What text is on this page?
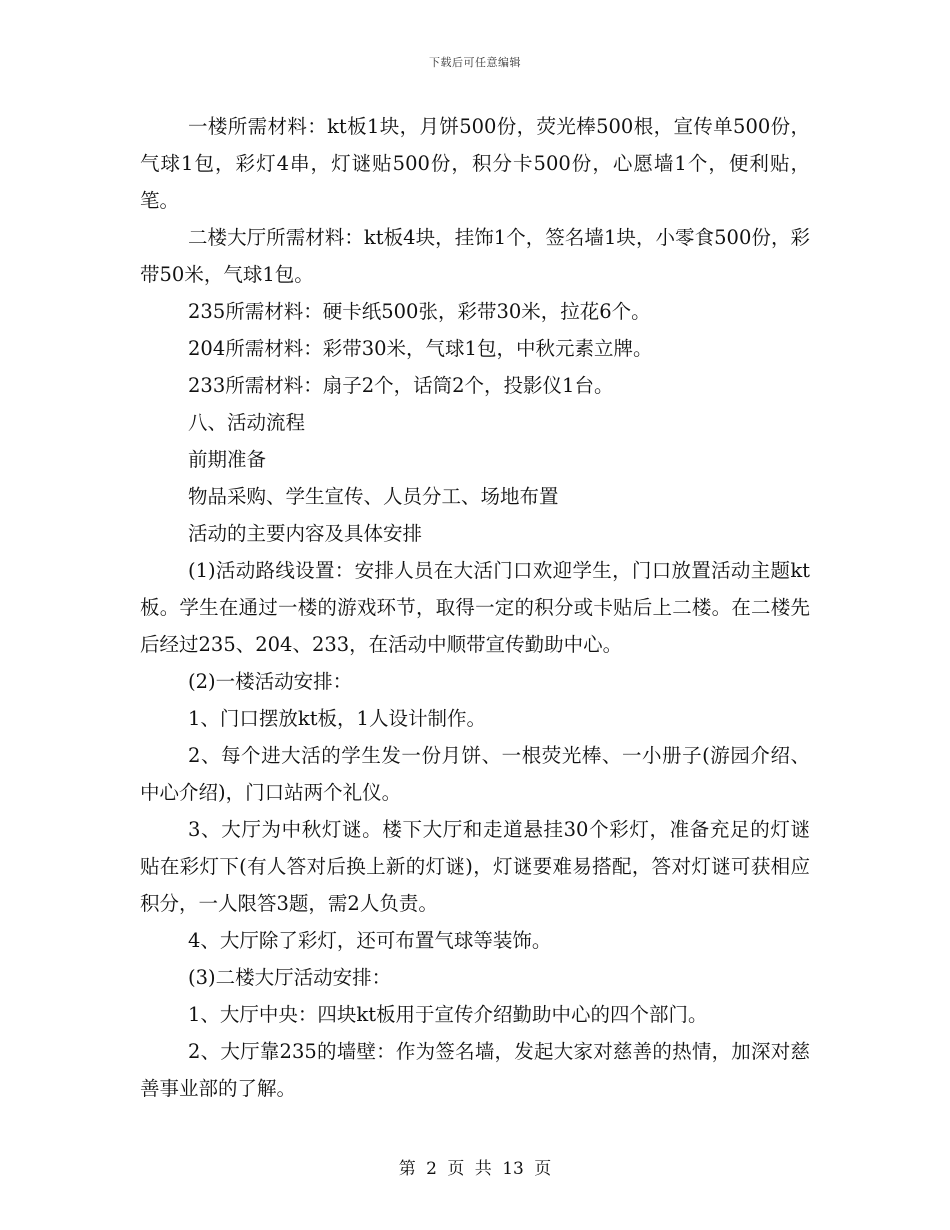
下载后可任意编辑

一楼所需材料：kt板1块，月饼500份，荧光棒500根，宣传单500份，气球1包，彩灯4串，灯谜贴500份，积分卡500份，心愿墙1个，便利贴，笔。

二楼大厅所需材料：kt板4块，挂饰1个，签名墙1块，小零食500份，彩带50米，气球1包。

235所需材料：硬卡纸500张，彩带30米，拉花6个。

204所需材料：彩带30米，气球1包，中秋元素立牌。

233所需材料：扇子2个，话筒2个，投影仪1台。

八、活动流程

前期准备

物品采购、学生宣传、人员分工、场地布置

活动的主要内容及具体安排

(1)活动路线设置：安排人员在大活门口欢迎学生，门口放置活动主题kt板。学生在通过一楼的游戏环节，取得一定的积分或卡贴后上二楼。在二楼先后经过235、204、233，在活动中顺带宣传勤助中心。

(2)一楼活动安排：

1、门口摆放kt板，1人设计制作。

2、每个进大活的学生发一份月饼、一根荧光棒、一小册子(游园介绍、中心介绍)，门口站两个礼仪。

3、大厅为中秋灯谜。楼下大厅和走道悬挂30个彩灯，准备充足的灯谜贴在彩灯下(有人答对后换上新的灯谜)，灯谜要难易搭配，答对灯谜可获相应积分，一人限答3题，需2人负责。

4、大厅除了彩灯，还可布置气球等装饰。

(3)二楼大厅活动安排：

1、大厅中央：四块kt板用于宣传介绍勤助中心的四个部门。

2、大厅靠235的墙壁：作为签名墙，发起大家对慈善的热情，加深对慈善事业部的了解。

第 2 页 共 13 页
